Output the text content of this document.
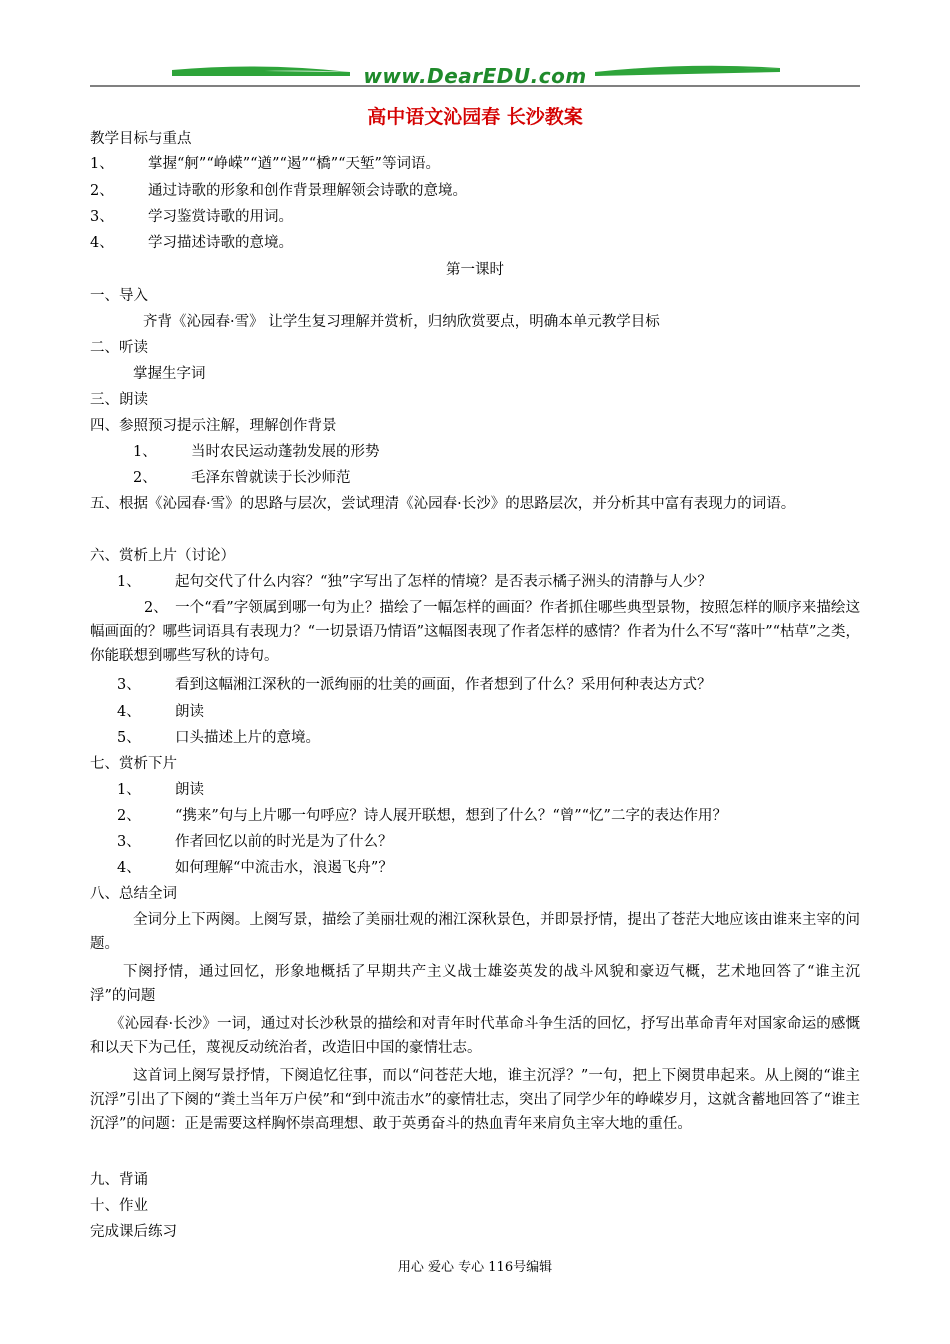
www.DearEDU.com
高中语文沁园春 长沙教案
教学目标与重点
1、 掌握“舸”“峥嵘”“遒”“遏”“橋”“天堑”等词语。
2、 通过诗歌的形象和创作背景理解领会诗歌的意境。
3、 学习鉴赏诗歌的用词。
4、 学习描述诗歌的意境。
第一课时
一、导入
齐背《沁园春·雪》 让学生复习理解并赏析，归纳欣赏要点，明确本单元教学目标
二、听读
掌握生字词
三、朗读
四、参照预习提示注解，理解创作背景
1、 当时农民运动蓬勃发展的形势
2、 毛泽东曾就读于长沙师范
五、根据《沁园春·雪》的思路与层次，尝试理清《沁园春·长沙》的思路层次，并分析其中富有表现力的词语。
六、赏析上片（讨论）
1、 起句交代了什么内容？“独”字写出了怎样的情境？是否表示橘子洲头的清静与人少？
2、 一个“看”字领属到哪一句为止？描绘了一幅怎样的画面？作者抓住哪些典型景物，按照怎样的顺序来描绘这幅画面的？哪些词语具有表现力？“一切景语乃情语”这幅图表现了作者怎样的感情？作者为什么不写“落叶”“枯草”之类，你能联想到哪些写秋的诗句。
3、 看到这幅湘江深秋的一派绚丽的壮美的画面，作者想到了什么？采用何种表达方式？
4、 朗读
5、 口头描述上片的意境。
七、赏析下片
1、 朗读
2、 “携来”句与上片哪一句呼应？诗人展开联想，想到了什么？“曾”“忆”二字的表达作用？
3、 作者回忆以前的时光是为了什么？
4、 如何理解“中流击水，浪遏飞舟”？
八、总结全词
全词分上下两阕。上阕写景，描绘了美丽壮观的湘江深秋景色，并即景抒情，提出了苍茫大地应该由谁来主宰的问题。
下阕抒情，通过回忆，形象地概括了早期共产主义战士雄姿英发的战斗风貌和豪迈气概，艺术地回答了“谁主沉浮”的问题
《沁园春·长沙》一词，通过对长沙秋景的描绘和对青年时代革命斗争生活的回忆，抒写出革命青年对国家命运的感慨和以天下为己任，蔑视反动统治者，改造旧中国的豪情壮志。
这首词上阕写景抒情，下阕追忆往事，而以“问苍茫大地，谁主沉浮？”一句，把上下阕贯串起来。从上阕的“谁主沉浮”引出了下阕的“粪土当年万户侯”和“到中流击水”的豪情壮志，突出了同学少年的峥嵘岁月，这就含蓄地回答了“谁主沉浮”的问题：正是需要这样胸怀崇高理想、敢于英勇奋斗的热血青年来肩负主宰大地的重任。
九、背诵
十、作业
完成课后练习
用心 爱心 专心 116号编辑
